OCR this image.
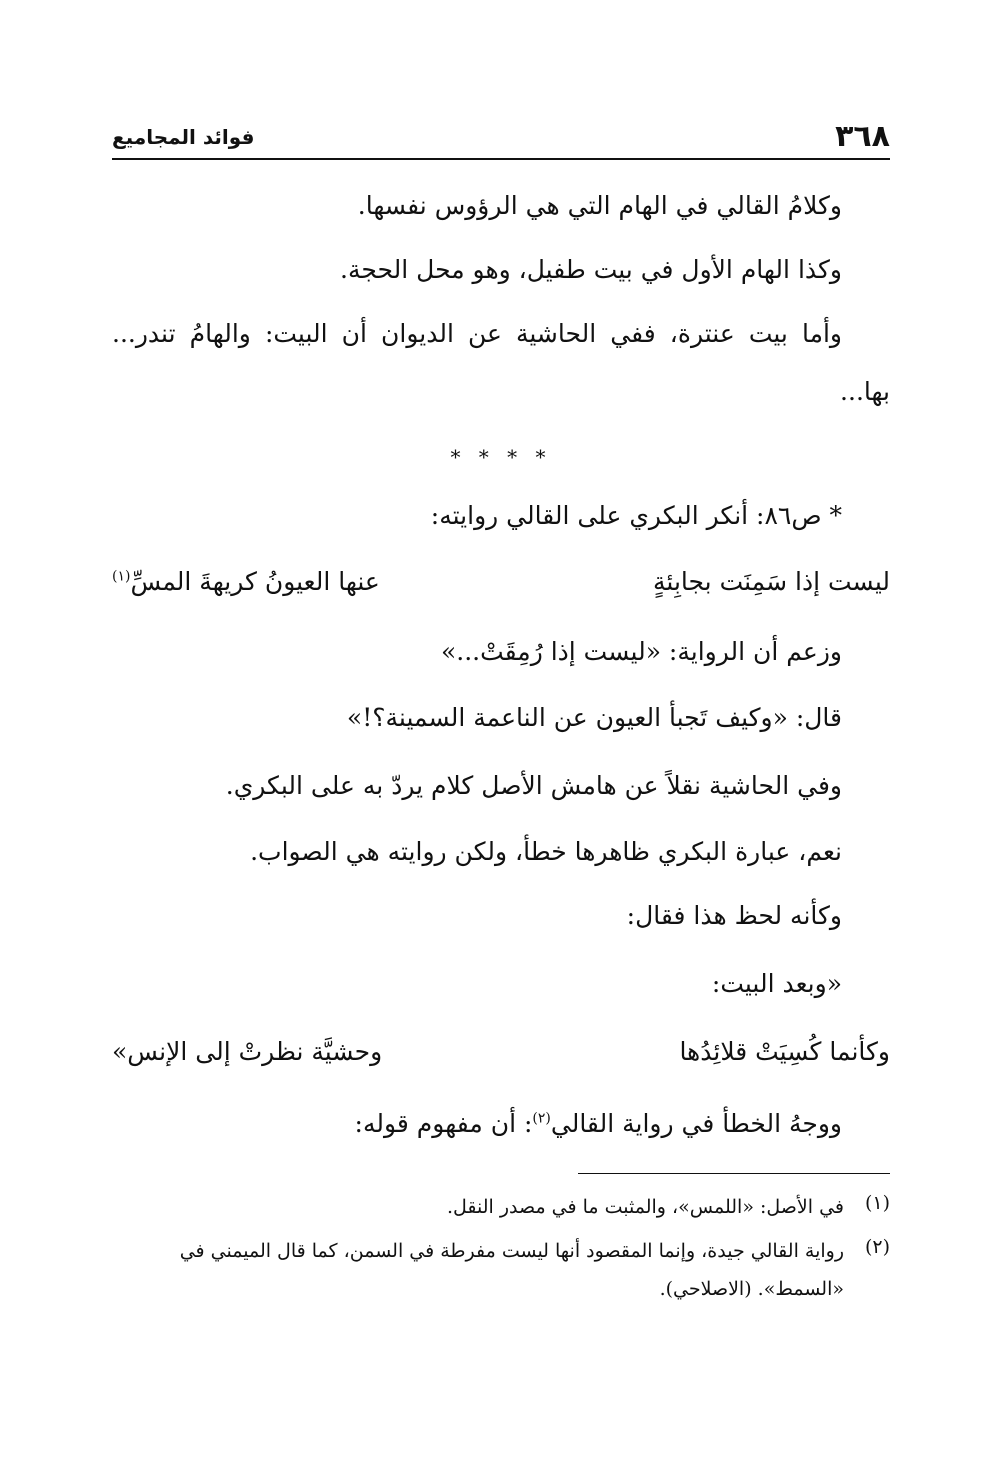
٣٦٨
فوائد المجاميع
وكلامُ القالي في الهام التي هي الرؤوس نفسها.
وكذا الهام الأول في بيت طفيل، وهو محل الحجة.
وأما بيت عنترة، ففي الحاشية عن الديوان أن البيت: والهامُ تندر...
بها...
* * * *
* ص٨٦: أنكر البكري على القالي روايته:
ليست إذا سَمِنَت بجابِئةٍ
عنها العيونُ كريهةَ المسِّ$^{(١)}$
وزعم أن الرواية: «ليست إذا رُمِقَتْ...»
قال: «وكيف تَجبأ العيون عن الناعمة السمينة؟!»
وفي الحاشية نقلاً عن هامش الأصل كلام يردّ به على البكري.
نعم، عبارة البكري ظاهرها خطأ، ولكن روايته هي الصواب.
وكأنه لحظ هذا فقال:
«وبعد البيت:
وكأنما كُسِيَتْ قلائِدُها
وحشيَّة نظرتْ إلى الإنس»
ووجهُ الخطأ في رواية القالي$^{(٢)}$: أن مفهوم قوله:
(١)
في الأصل: «اللمس»، والمثبت ما في مصدر النقل.
(٢)
رواية القالي جيدة، وإنما المقصود أنها ليست مفرطة في السمن، كما قال الميمني في «السمط». (الاصلاحي).
